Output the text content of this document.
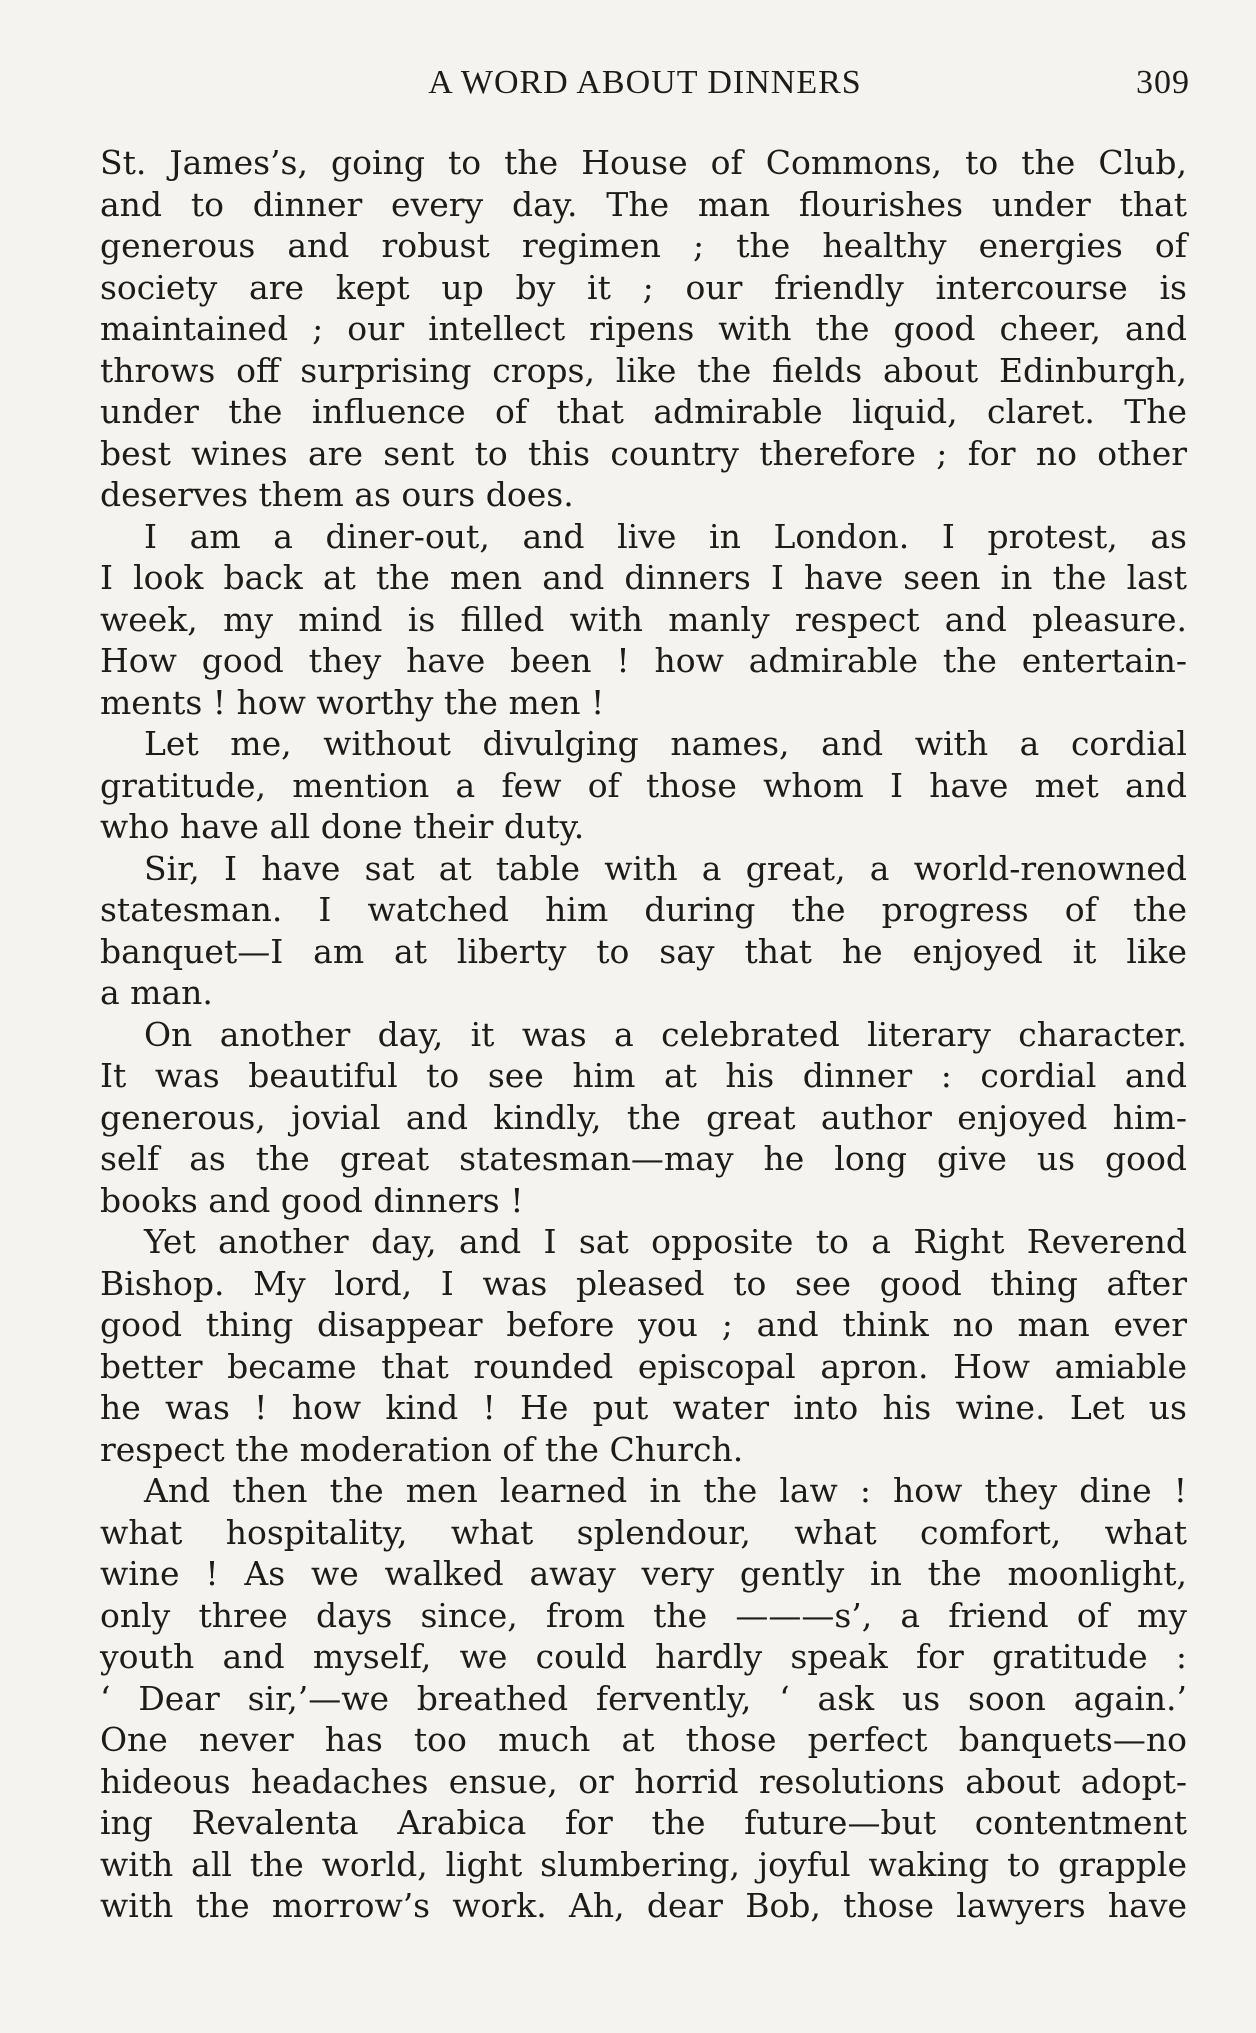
A WORD ABOUT DINNERS	309
St. James’s, going to the House of Commons, to the Club,
and to dinner every day. The man flourishes under that
generous and robust regimen ; the healthy energies of
society are kept up by it ; our friendly intercourse is
maintained ; our intellect ripens with the good cheer, and
throws off surprising crops, like the fields about Edinburgh,
under the influence of that admirable liquid, claret. The
best wines are sent to this country therefore ; for no other
deserves them as ours does.
I am a diner-out, and live in London. I protest, as
I look back at the men and dinners I have seen in the last
week, my mind is filled with manly respect and pleasure.
How good they have been ! how admirable the entertain-
ments ! how worthy the men !
Let me, without divulging names, and with a cordial
gratitude, mention a few of those whom I have met and
who have all done their duty.
Sir, I have sat at table with a great, a world-renowned
statesman. I watched him during the progress of the
banquet—I am at liberty to say that he enjoyed it like
a man.
On another day, it was a celebrated literary character.
It was beautiful to see him at his dinner : cordial and
generous, jovial and kindly, the great author enjoyed him-
self as the great statesman—may he long give us good
books and good dinners !
Yet another day, and I sat opposite to a Right Reverend
Bishop. My lord, I was pleased to see good thing after
good thing disappear before you ; and think no man ever
better became that rounded episcopal apron. How amiable
he was ! how kind ! He put water into his wine. Let us
respect the moderation of the Church.
And then the men learned in the law : how they dine !
what hospitality, what splendour, what comfort, what
wine ! As we walked away very gently in the moonlight,
only three days since, from the ———s’, a friend of my
youth and myself, we could hardly speak for gratitude :
‘ Dear sir,’—we breathed fervently, ‘ ask us soon again.’
One never has too much at those perfect banquets—no
hideous headaches ensue, or horrid resolutions about adopt-
ing Revalenta Arabica for the future—but contentment
with all the world, light slumbering, joyful waking to grapple
with the morrow’s work. Ah, dear Bob, those lawyers have
